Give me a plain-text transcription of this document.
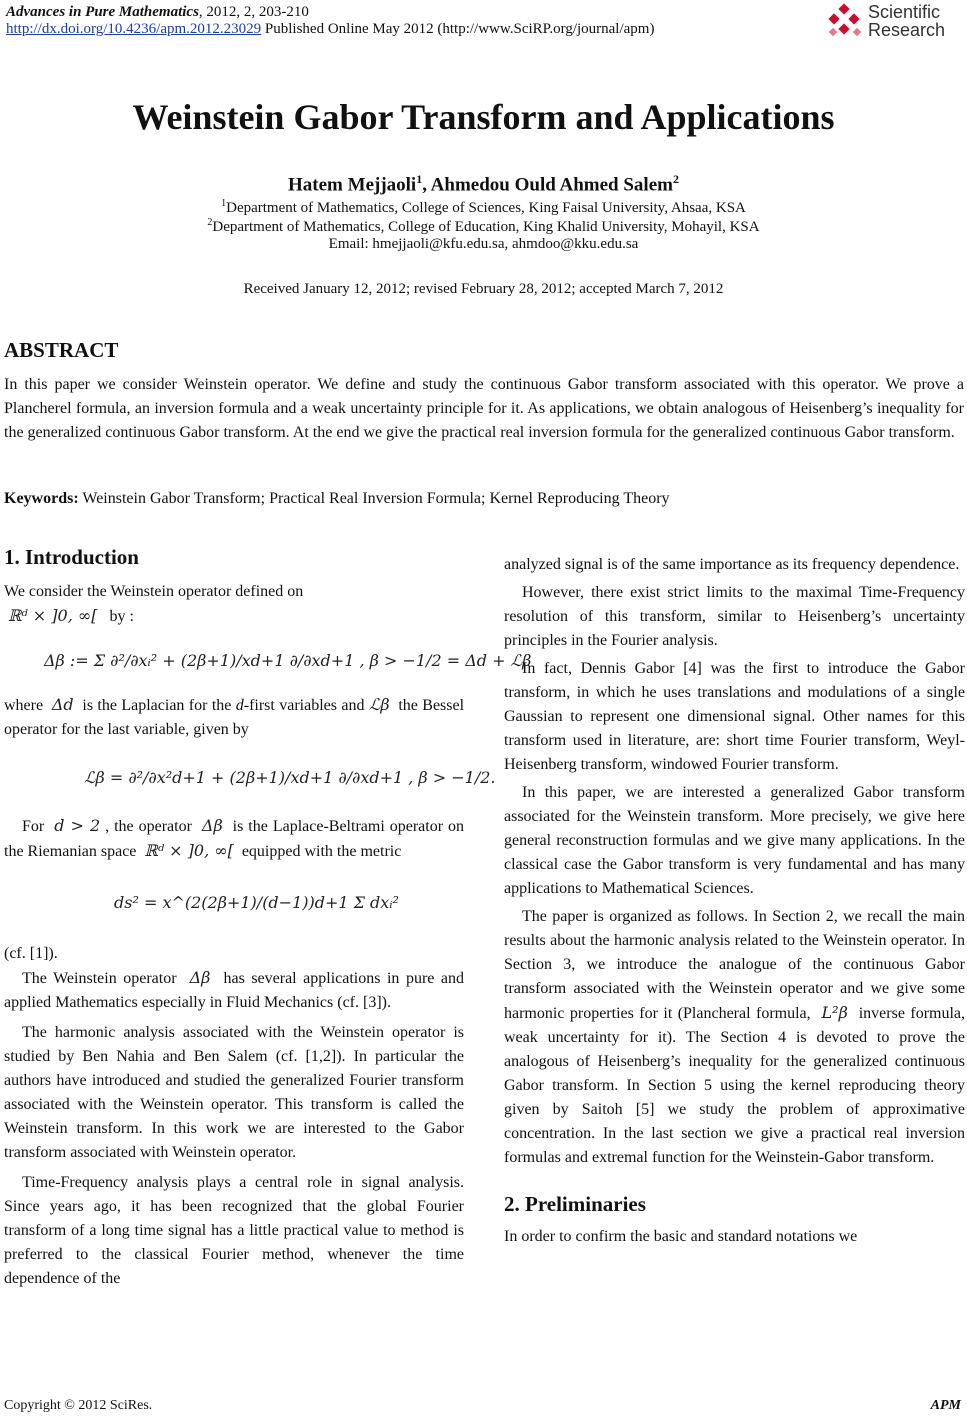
Advances in Pure Mathematics, 2012, 2, 203-210
http://dx.doi.org/10.4236/apm.2012.23029 Published Online May 2012 (http://www.SciRP.org/journal/apm)
Scientific
Research
Weinstein Gabor Transform and Applications
Hatem Mejjaoli$^1$, Ahmedou Ould Ahmed Salem$^2$
$^1$Department of Mathematics, College of Sciences, King Faisal University, Ahsaa, KSA
$^2$Department of Mathematics, College of Education, King Khalid University, Mohayil, KSA
Email: hmejjaoli@kfu.edu.sa, ahmdoo@kku.edu.sa
Received January 12, 2012; revised February 28, 2012; accepted March 7, 2012
ABSTRACT
In this paper we consider Weinstein operator. We define and study the continuous Gabor transform associated with this operator. We prove a Plancherel formula, an inversion formula and a weak uncertainty principle for it. As applications, we obtain analogous of Heisenberg’s inequality for the generalized continuous Gabor transform. At the end we give the practical real inversion formula for the generalized continuous Gabor transform.
Keywords: Weinstein Gabor Transform; Practical Real Inversion Formula; Kernel Reproducing Theory
1. Introduction

We consider the Weinstein operator defined on
ℝᵈ × ]0, ∞[ by :

Δβ := Σ ∂²/∂xᵢ² + (2β+1)/xd+1 ∂/∂xd+1 , β > −1/2 = Δd + ℒβ

where Δd is the Laplacian for the d-first variables and ℒβ the Bessel operator for the last variable, given by

ℒβ = ∂²/∂x²d+1 + (2β+1)/xd+1 ∂/∂xd+1 , β > −1/2.

For d > 2 , the operator Δβ is the Laplace-Beltrami operator on the Riemanian space ℝᵈ × ]0, ∞[ equipped with the metric

ds² = x^(2(2β+1)/(d−1))d+1 Σ dxᵢ²

(cf. [1]).

The Weinstein operator Δβ has several applications in pure and applied Mathematics especially in Fluid Mechanics (cf. [3]).

The harmonic analysis associated with the Weinstein operator is studied by Ben Nahia and Ben Salem (cf. [1,2]). In particular the authors have introduced and studied the generalized Fourier transform associated with the Weinstein operator. This transform is called the Weinstein transform. In this work we are interested to the Gabor transform associated with Weinstein operator.

Time-Frequency analysis plays a central role in signal analysis. Since years ago, it has been recognized that the global Fourier transform of a long time signal has a little practical value to method is preferred to the classical Fourier method, whenever the time dependence of the

analyzed signal is of the same importance as its frequency dependence.

However, there exist strict limits to the maximal Time-Frequency resolution of this transform, similar to Heisenberg’s uncertainty principles in the Fourier analysis.

In fact, Dennis Gabor [4] was the first to introduce the Gabor transform, in which he uses translations and modulations of a single Gaussian to represent one dimensional signal. Other names for this transform used in literature, are: short time Fourier transform, Weyl-Heisenberg transform, windowed Fourier transform.

In this paper, we are interested a generalized Gabor transform associated for the Weinstein transform. More precisely, we give here general reconstruction formulas and we give many applications. In the classical case the Gabor transform is very fundamental and has many applications to Mathematical Sciences.

The paper is organized as follows. In Section 2, we recall the main results about the harmonic analysis related to the Weinstein operator. In Section 3, we introduce the analogue of the continuous Gabor transform associated with the Weinstein operator and we give some harmonic properties for it (Plancheral formula, L²β inverse formula, weak uncertainty for it). The Section 4 is devoted to prove the analogous of Heisenberg’s inequality for the generalized continuous Gabor transform. In Section 5 using the kernel reproducing theory given by Saitoh [5] we study the problem of approximative concentration. In the last section we give a practical real inversion formulas and extremal function for the Weinstein-Gabor transform.

2. Preliminaries

In order to confirm the basic and standard notations we

Copyright © 2012 SciRes.	APM
